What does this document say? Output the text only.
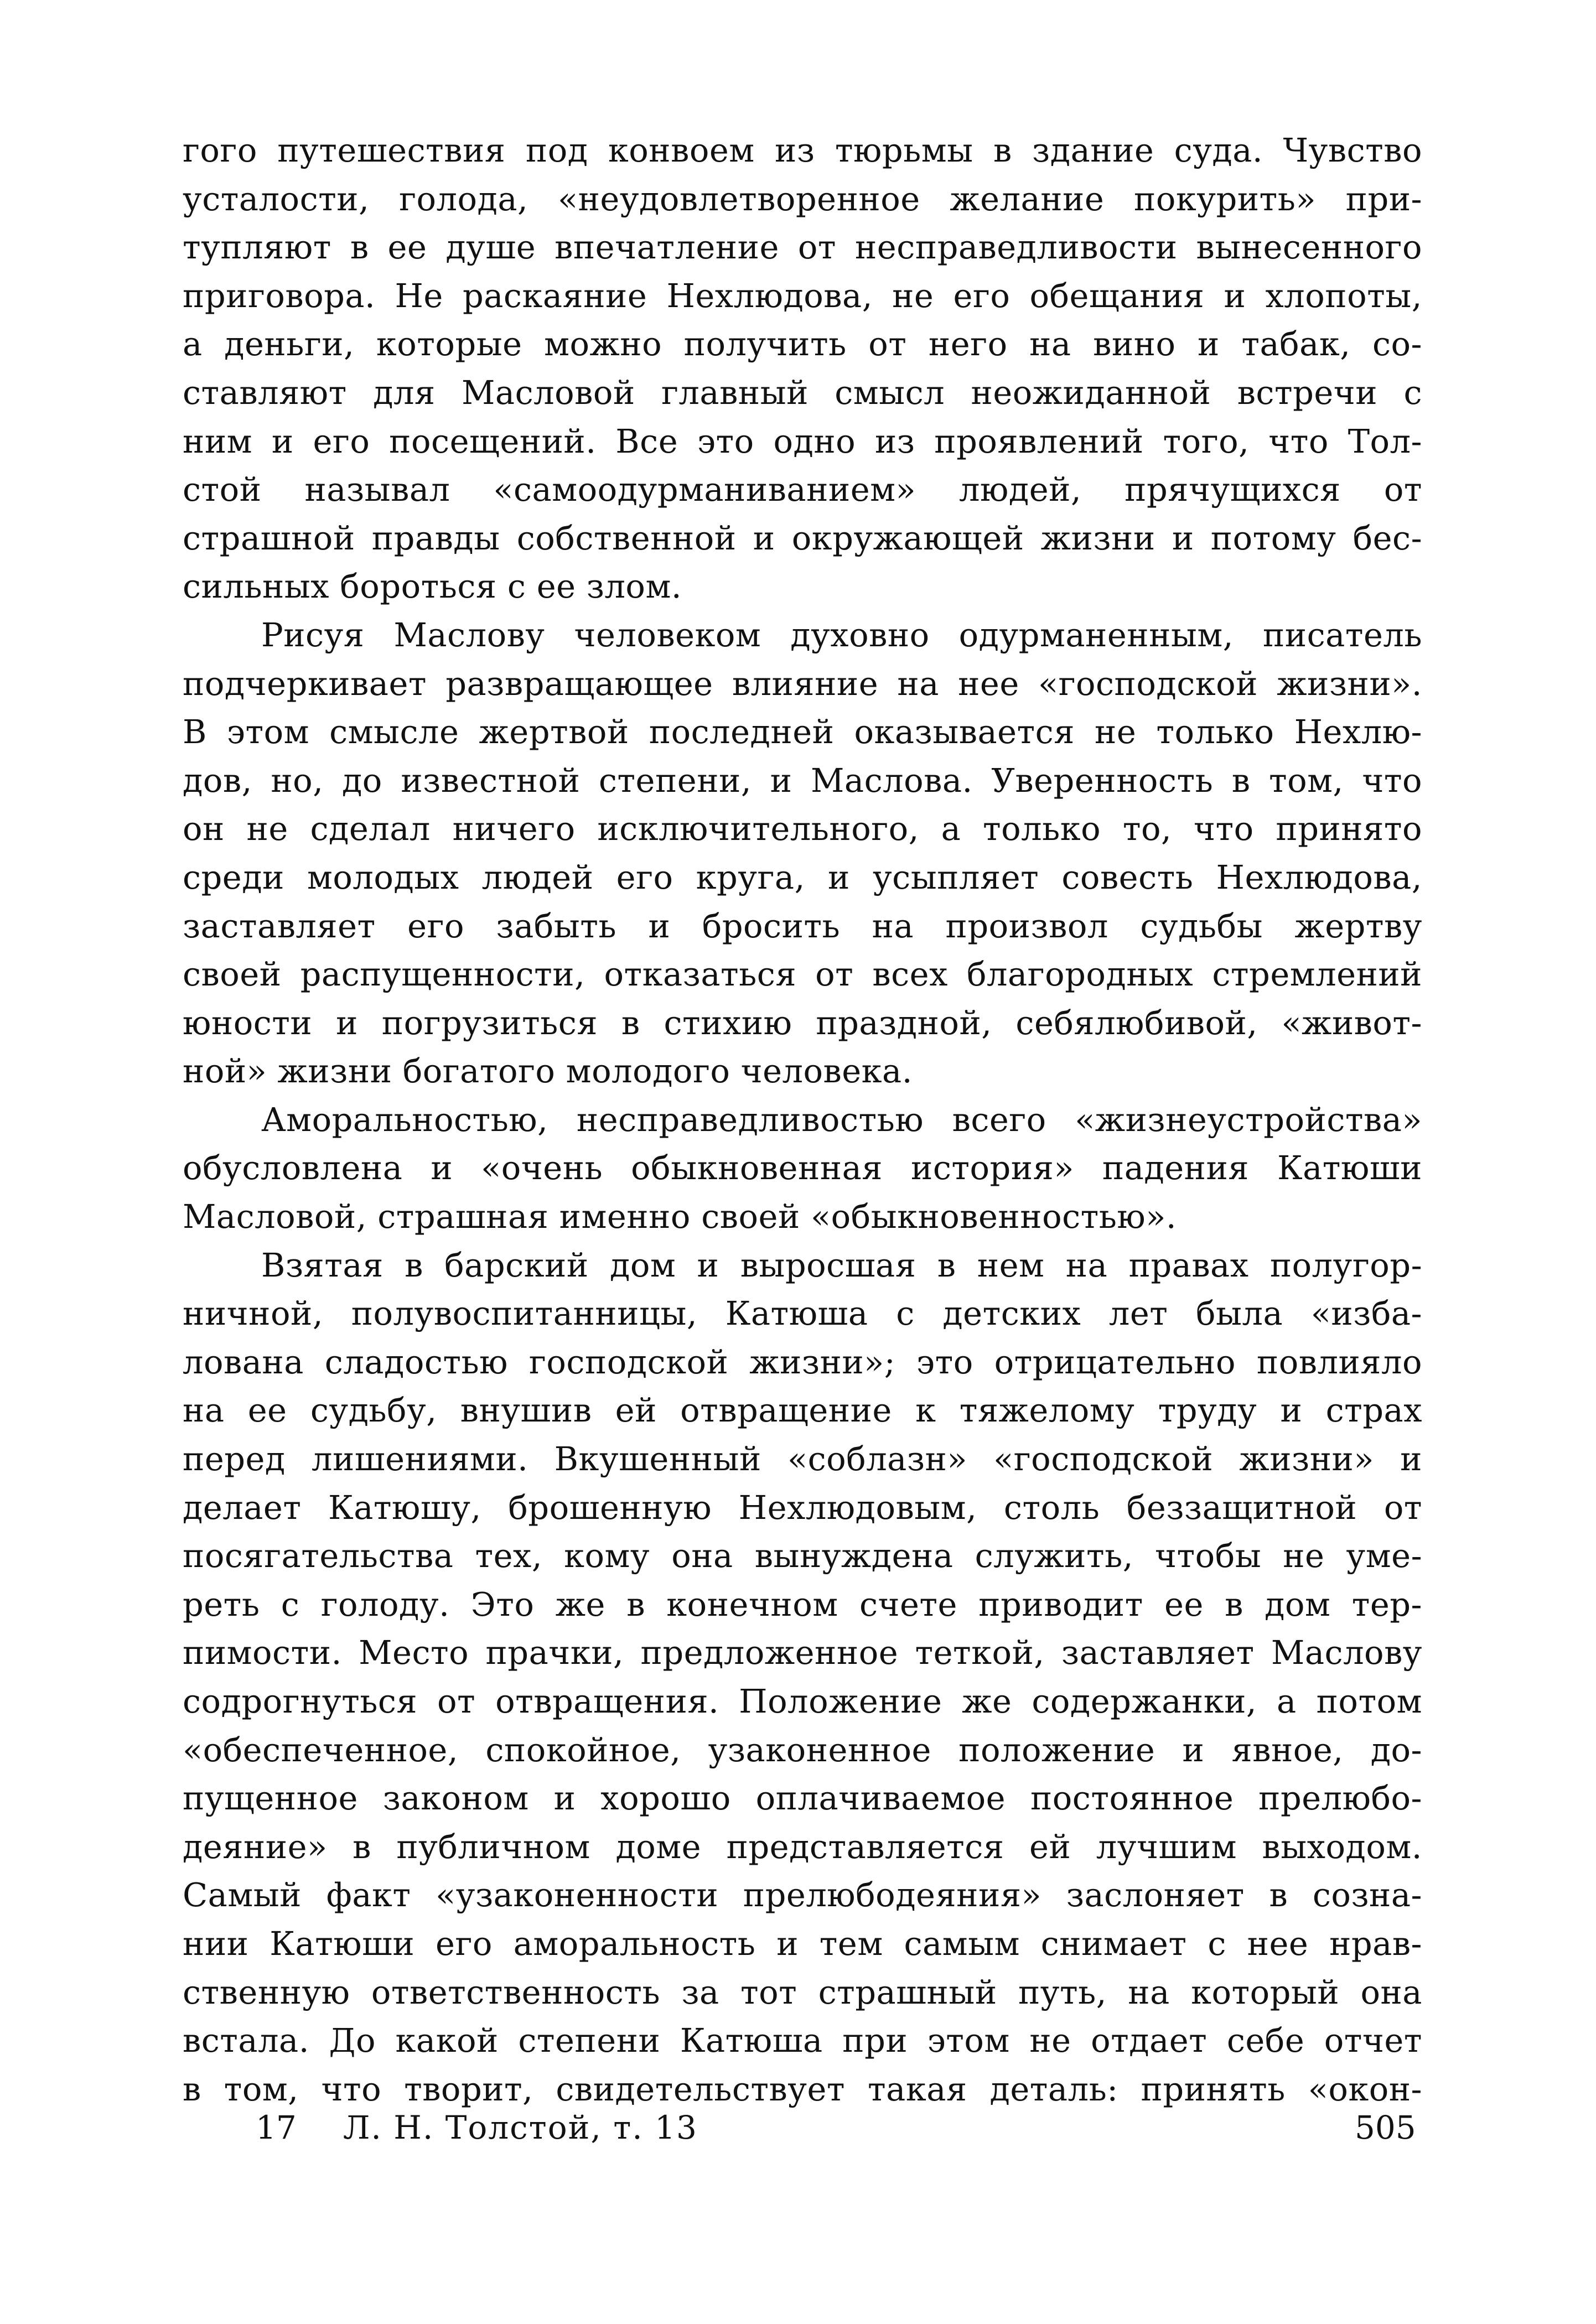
гого путешествия под конвоем из тюрьмы в здание суда. Чувство
усталости, голода, «неудовлетворенное желание покурить» при-
тупляют в ее душе впечатление от несправедливости вынесенного
приговора. Не раскаяние Нехлюдова, не его обещания и хлопоты,
а деньги, которые можно получить от него на вино и табак, со-
ставляют для Масловой главный смысл неожиданной встречи с
ним и его посещений. Все это одно из проявлений того, что Тол-
стой называл «самоодурманиванием» людей, прячущихся от
страшной правды собственной и окружающей жизни и потому бес-
сильных бороться с ее злом.
Рисуя Маслову человеком духовно одурманенным, писатель
подчеркивает развращающее влияние на нее «господской жизни».
В этом смысле жертвой последней оказывается не только Нехлю-
дов, но, до известной степени, и Маслова. Уверенность в том, что
он не сделал ничего исключительного, а только то, что принято
среди молодых людей его круга, и усыпляет совесть Нехлюдова,
заставляет его забыть и бросить на произвол судьбы жертву
своей распущенности, отказаться от всех благородных стремлений
юности и погрузиться в стихию праздной, себялюбивой, «живот-
ной» жизни богатого молодого человека.
Аморальностью, несправедливостью всего «жизнеустройства»
обусловлена и «очень обыкновенная история» падения Катюши
Масловой, страшная именно своей «обыкновенностью».
Взятая в барский дом и выросшая в нем на правах полугор-
ничной, полувоспитанницы, Катюша с детских лет была «изба-
лована сладостью господской жизни»; это отрицательно повлияло
на ее судьбу, внушив ей отвращение к тяжелому труду и страх
перед лишениями. Вкушенный «соблазн» «господской жизни» и
делает Катюшу, брошенную Нехлюдовым, столь беззащитной от
посягательства тех, кому она вынуждена служить, чтобы не уме-
реть с голоду. Это же в конечном счете приводит ее в дом тер-
пимости. Место прачки, предложенное теткой, заставляет Маслову
содрогнуться от отвращения. Положение же содержанки, а потом
«обеспеченное, спокойное, узаконенное положение и явное, до-
пущенное законом и хорошо оплачиваемое постоянное прелюбо-
деяние» в публичном доме представляется ей лучшим выходом.
Самый факт «узаконенности прелюбодеяния» заслоняет в созна-
нии Катюши его аморальность и тем самым снимает с нее нрав-
ственную ответственность за тот страшный путь, на который она
встала. До какой степени Катюша при этом не отдает себе отчет
в том, что творит, свидетельствует такая деталь: принять «окон-
17 Л. Н. Толстой, т. 13	505
